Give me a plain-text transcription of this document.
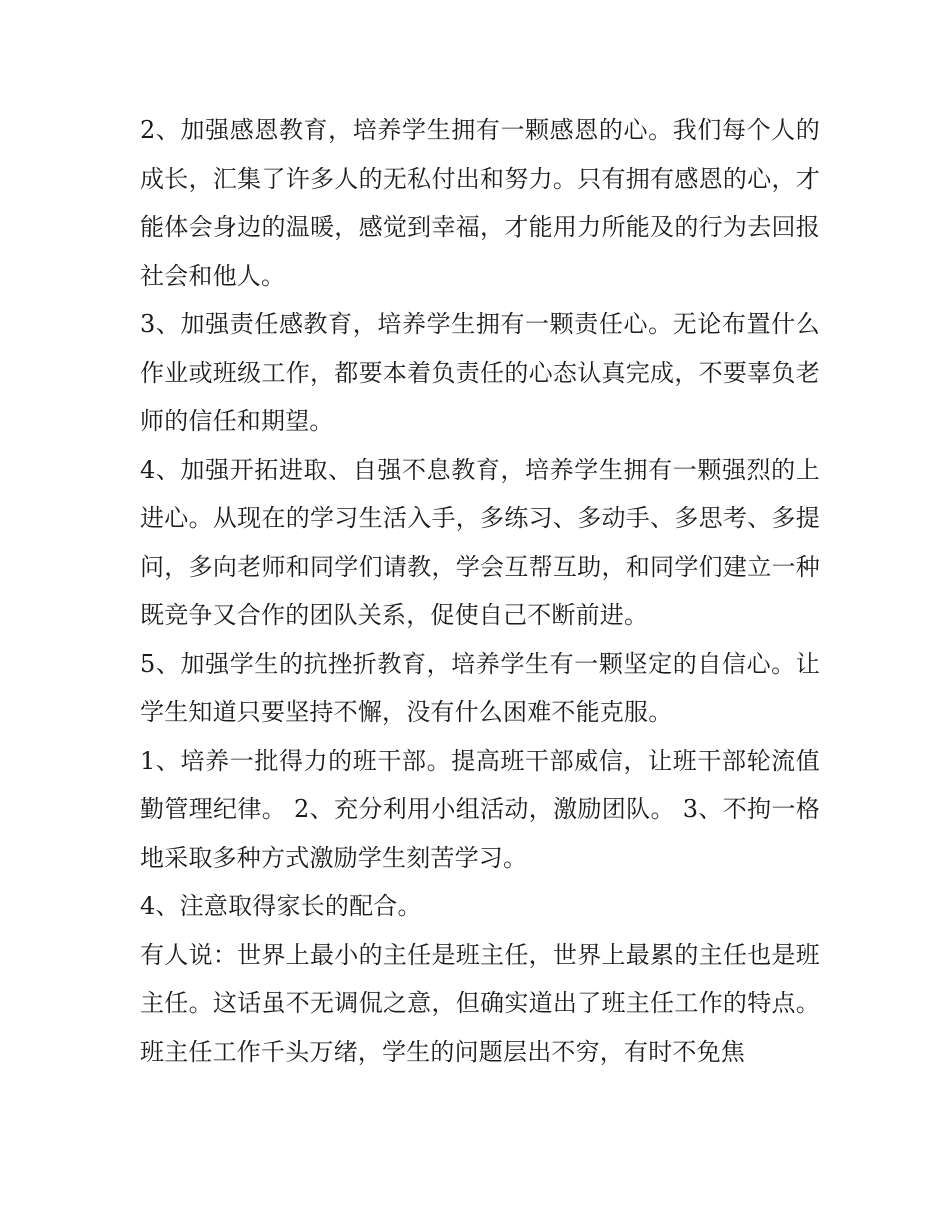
2、加强感恩教育，培养学生拥有一颗感恩的心。我们每个人的成长，汇集了许多人的无私付出和努力。只有拥有感恩的心，才能体会身边的温暖，感觉到幸福，才能用力所能及的行为去回报社会和他人。

3、加强责任感教育，培养学生拥有一颗责任心。无论布置什么作业或班级工作，都要本着负责任的心态认真完成，不要辜负老师的信任和期望。

4、加强开拓进取、自强不息教育，培养学生拥有一颗强烈的上进心。从现在的学习生活入手，多练习、多动手、多思考、多提问，多向老师和同学们请教，学会互帮互助，和同学们建立一种既竞争又合作的团队关系，促使自己不断前进。

5、加强学生的抗挫折教育，培养学生有一颗坚定的自信心。让学生知道只要坚持不懈，没有什么困难不能克服。

1、培养一批得力的班干部。提高班干部威信，让班干部轮流值勤管理纪律。 2、充分利用小组活动，激励团队。 3、不拘一格地采取多种方式激励学生刻苦学习。

4、注意取得家长的配合。

有人说：世界上最小的主任是班主任，世界上最累的主任也是班主任。这话虽不无调侃之意，但确实道出了班主任工作的特点。班主任工作千头万绪，学生的问题层出不穷，有时不免焦
